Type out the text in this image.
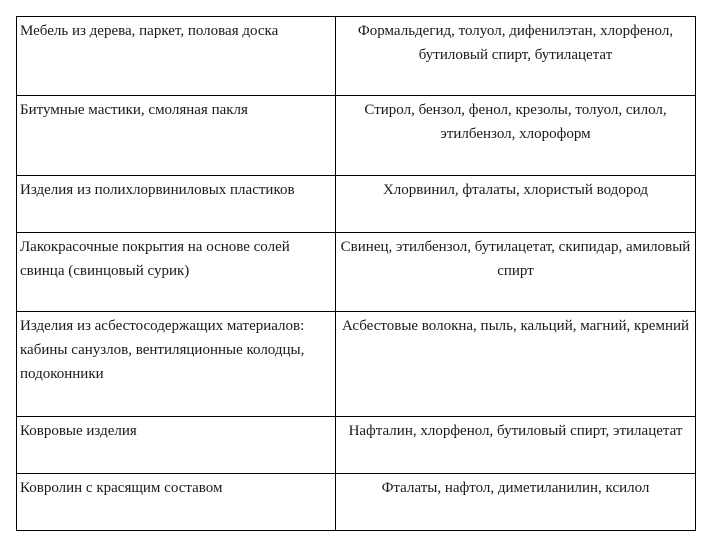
Мебель из дерева, паркет, половая доска	Формальдегид, толуол, дифенилэтан, хлорфенол, бутиловый спирт, бутилацетат
Битумные мастики, смоляная пакля	Стирол, бензол, фенол, крезолы, толуол, силол, этилбензол, хлороформ
Изделия из полихлорвиниловых пластиков	Хлорвинил, фталаты, хлористый водород
Лакокрасочные покрытия на основе солей свинца (свинцовый сурик)	Свинец, этилбензол, бутилацетат, скипидар, амиловый спирт
Изделия из асбестосодержащих материалов: кабины санузлов, вентиляционные колодцы, подоконники	Асбестовые волокна, пыль, кальций, магний, кремний
Ковровые изделия	Нафталин, хлорфенол, бутиловый спирт, этилацетат
Ковролин с красящим составом	Фталаты, нафтол, диметиланилин, ксилол
